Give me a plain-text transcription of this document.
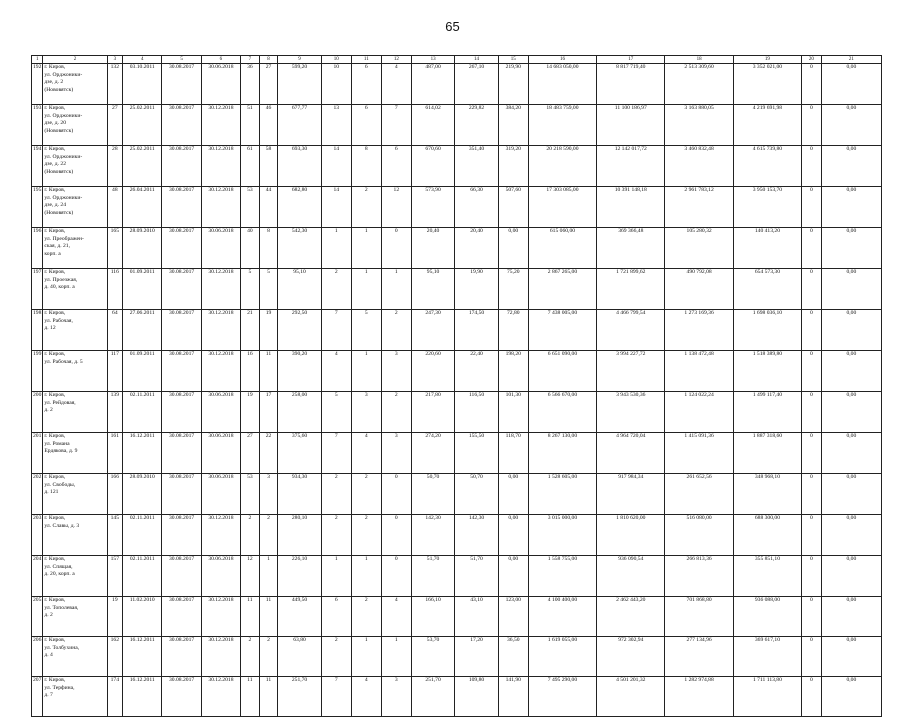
65
1	2	3	4	5	6	7	8	9	10	11	12	13	14	15	16	17	18	19	20	21
192	г. Киров,
ул. Орджоники-
дзе, д. 2
(Нововятск)	132	03.10.2011	30.08.2017	30.06.2018	36	27	599,20	10	6	4	487,00	267,10	219,90	14 683 050,00	8 817 719,40	2 513 309,60	3 352 021,00	0	0,00
193	г. Киров,
ул. Орджоники-
дзе, д. 20
(Нововятск)	27	25.02.2011	30.08.2017	30.12.2018	51	46	677,77	13	6	7	614,02	229,82	384,20	18 483 759,00	11 100 186,97	3 163 880,05	4 219 691,98	0	0,00
194	г. Киров,
ул. Орджоники-
дзе, д. 22
(Нововятск)	28	25.02.2011	30.08.2017	30.12.2018	61	58	693,30	14	8	6	670,60	351,40	319,20	20 218 590,00	12 142 017,72	3 460 832,48	4 615 739,80	0	0,00
195	г. Киров,
ул. Орджоники-
дзе, д. 24
(Нововятск)	48	26.04.2011	30.08.2017	30.12.2018	53	44	682,80	14	2	12	573,90	66,30	507,60	17 303 085,00	10 391 148,18	2 961 783,12	3 950 153,70	0	0,00
196	г. Киров,
ул. Преображен-
ская, д. 21,
корп. а	165	28.09.2010	30.08.2017	30.06.2018	40	8	542,30	1	1	0	20,40	20,40	0,00	615 060,00	369 366,48	105 280,32	140 413,20	0	0,00
197	г. Киров,
ул. Проезжая,
д. 40, корп. а	116	01.09.2011	30.08.2017	30.12.2018	5	5	95,10	2	1	1	95,10	19,90	75,20	2 867 265,00	1 721 899,62	490 792,08	654 573,30	0	0,00
198	г. Киров,
ул. Рабочая,
д. 12	64	27.06.2011	30.08.2017	30.12.2018	21	19	292,50	7	5	2	247,30	174,50	72,80	7 438 005,00	4 466 799,54	1 273 169,36	1 698 036,10	0	0,00
199	г. Киров,
ул. Рабочая, д. 5	117	01.09.2011	30.08.2017	30.12.2018	16	11	390,20	4	1	3	220,60	22,40	198,20	6 651 090,00	3 994 227,72	1 138 472,48	1 518 389,80	0	0,00
200	г. Киров,
ул. Рейдовая,
д. 2	139	02.11.2011	30.08.2017	30.06.2018	19	17	258,00	5	3	2	217,80	116,50	101,30	6 566 670,00	3 943 530,36	1 124 022,24	1 499 117,40	0	0,00
201	г. Киров,
ул. Романа
Ердякова, д. 9	161	16.12.2011	30.08.2017	30.06.2018	27	22	375,60	7	4	3	274,20	155,50	118,70	8 267 130,00	4 964 720,04	1 415 091,36	1 887 318,60	0	0,00
202	г. Киров,
ул. Свободы,
д. 121	166	28.09.2010	30.08.2017	30.06.2018	53	3	934,30	2	2	0	50,70	50,70	0,00	1 528 605,00	917 984,34	261 652,56	348 968,10	0	0,00
203	г. Киров,
ул. Славы, д. 3	145	02.11.2011	30.08.2017	30.12.2018	2	2	280,10	2	2	0	142,30	142,30	0,00	3 015 000,00	1 810 620,00	516 080,00	688 300,00	0	0,00
204	г. Киров,
ул. Спящая,
д. 20, корп. а	157	02.11.2011	30.08.2017	30.06.2018	12	1	226,10	1	1	0	51,70	51,70	0,00	1 558 755,00	936 090,54	266 813,36	355 851,10	0	0,00
205	г. Киров,
ул. Тополевая,
д. 2	19	11.02.2010	30.08.2017	30.12.2018	11	11	449,50	6	2	4	166,10	43,10	123,00	4 100 400,00	2 462 443,20	701 868,80	936 088,00	0	0,00
206	г. Киров,
ул. Толбухина,
д. 4	162	16.12.2011	30.08.2017	30.12.2018	2	2	63,80	2	1	1	53,70	17,20	36,50	1 619 055,00	972 302,94	277 134,96	369 617,10	0	0,00
207	г. Киров,
ул. Терфина,
д. 7	174	16.12.2011	30.08.2017	30.12.2018	11	11	251,70	7	4	3	251,70	109,80	141,90	7 495 290,00	4 501 201,32	1 282 974,88	1 711 113,80	0	0,00
